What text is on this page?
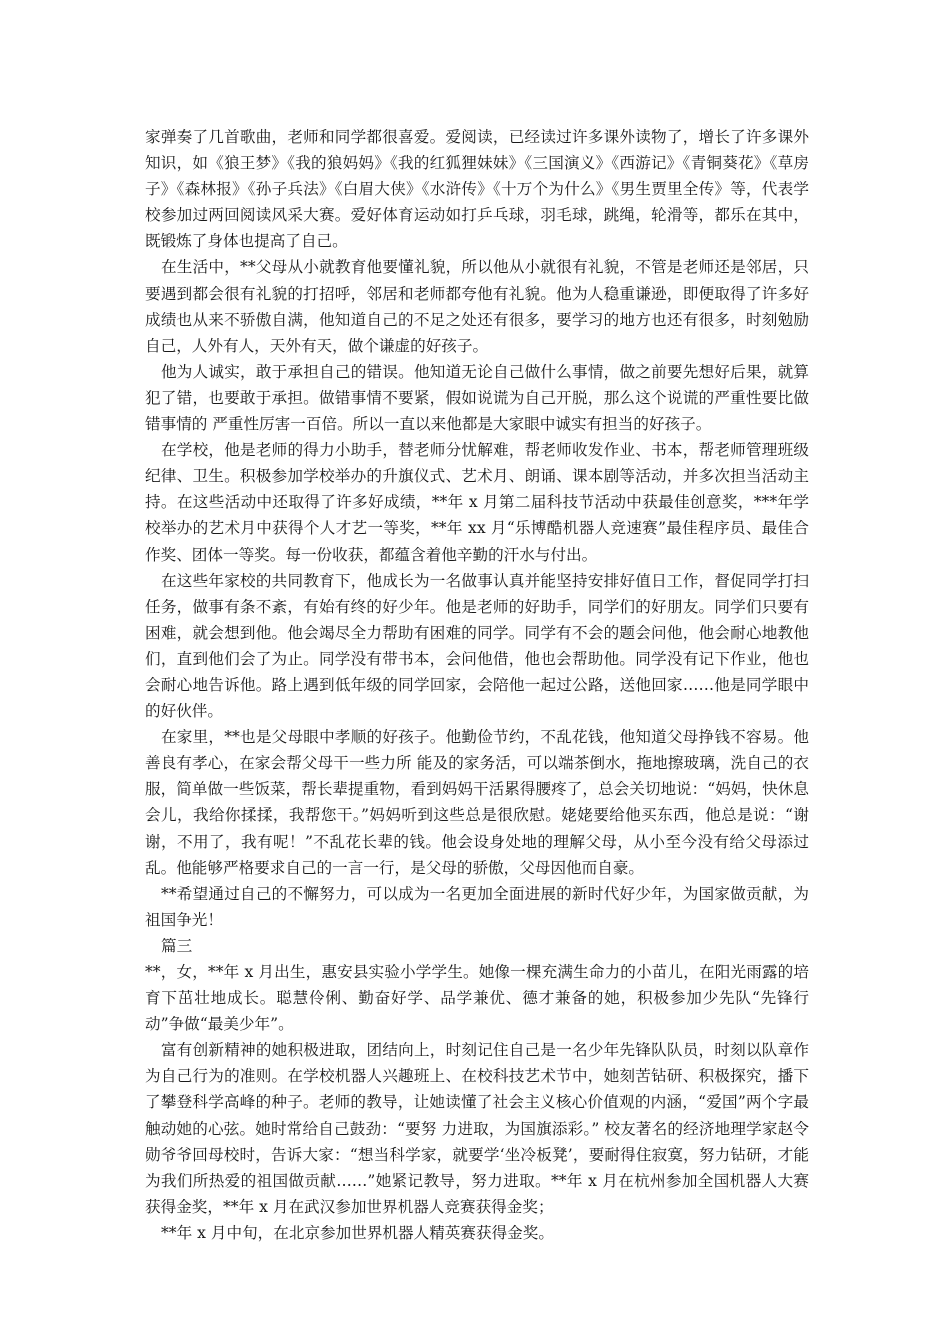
家弹奏了几首歌曲，老师和同学都很喜爱。爱阅读，已经读过许多课外读物了，增长了许多课外知识，如《狼王梦》《我的狼妈妈》《我的红狐狸妹妹》《三国演义》《西游记》《青铜葵花》《草房子》《森林报》《孙子兵法》《白眉大侠》《水浒传》《十万个为什么》《男生贾里全传》等，代表学校参加过两回阅读风采大赛。爱好体育运动如打乒乓球，羽毛球，跳绳，轮滑等，都乐在其中，既锻炼了身体也提高了自己。

在生活中，**父母从小就教育他要懂礼貌，所以他从小就很有礼貌，不管是老师还是邻居，只要遇到都会很有礼貌的打招呼，邻居和老师都夸他有礼貌。他为人稳重谦逊，即便取得了许多好成绩也从来不骄傲自满，他知道自己的不足之处还有很多，要学习的地方也还有很多，时刻勉励自己，人外有人，天外有天，做个谦虚的好孩子。

他为人诚实，敢于承担自己的错误。他知道无论自己做什么事情，做之前要先想好后果，就算犯了错，也要敢于承担。做错事情不要紧，假如说谎为自己开脱，那么这个说谎的严重性要比做错事情的 严重性厉害一百倍。所以一直以来他都是大家眼中诚实有担当的好孩子。

在学校，他是老师的得力小助手，替老师分忧解难，帮老师收发作业、书本，帮老师管理班级纪律、卫生。积极参加学校举办的升旗仪式、艺术月、朗诵、课本剧等活动，并多次担当活动主持。在这些活动中还取得了许多好成绩，**年 x 月第二届科技节活动中获最佳创意奖，***年学校举办的艺术月中获得个人才艺一等奖，**年 xx 月“乐博酷机器人竞速赛”最佳程序员、最佳合作奖、团体一等奖。每一份收获，都蕴含着他辛勤的汗水与付出。

在这些年家校的共同教育下，他成长为一名做事认真并能坚持安排好值日工作，督促同学打扫任务，做事有条不紊，有始有终的好少年。他是老师的好助手，同学们的好朋友。同学们只要有困难，就会想到他。他会竭尽全力帮助有困难的同学。同学有不会的题会问他，他会耐心地教他们，直到他们会了为止。同学没有带书本，会问他借，他也会帮助他。同学没有记下作业，他也会耐心地告诉他。路上遇到低年级的同学回家，会陪他一起过公路，送他回家……他是同学眼中的好伙伴。

在家里，**也是父母眼中孝顺的好孩子。他勤俭节约，不乱花钱，他知道父母挣钱不容易。他善良有孝心，在家会帮父母干一些力所 能及的家务活，可以端茶倒水，拖地擦玻璃，洗自己的衣服，简单做一些饭菜，帮长辈提重物，看到妈妈干活累得腰疼了，总会关切地说：“妈妈，快休息会儿，我给你揉揉，我帮您干。”妈妈听到这些总是很欣慰。姥姥要给他买东西，他总是说：“谢谢，不用了，我有呢！”不乱花长辈的钱。他会设身处地的理解父母，从小至今没有给父母添过乱。他能够严格要求自己的一言一行，是父母的骄傲，父母因他而自豪。

**希望通过自己的不懈努力，可以成为一名更加全面进展的新时代好少年，为国家做贡献，为祖国争光！

篇三

**，女，**年 x 月出生，惠安县实验小学学生。她像一棵充满生命力的小苗儿，在阳光雨露的培育下茁壮地成长。聪慧伶俐、勤奋好学、品学兼优、德才兼备的她，积极参加少先队“先锋行动”争做“最美少年”。

富有创新精神的她积极进取，团结向上，时刻记住自己是一名少年先锋队队员，时刻以队章作为自己行为的准则。在学校机器人兴趣班上、在校科技艺术节中，她刻苦钻研、积极探究，播下了攀登科学高峰的种子。老师的教导，让她读懂了社会主义核心价值观的内涵，“爱国”两个字最触动她的心弦。她时常给自己鼓劲：“要努 力进取，为国旗添彩。” 校友著名的经济地理学家赵令勋爷爷回母校时，告诉大家：“想当科学家，就要学‘坐冷板凳’，要耐得住寂寞，努力钻研，才能为我们所热爱的祖国做贡献……”她紧记教导，努力进取。**年 x 月在杭州参加全国机器人大赛获得金奖，**年 x 月在武汉参加世界机器人竞赛获得金奖；

**年 x 月中旬，在北京参加世界机器人精英赛获得金奖。
